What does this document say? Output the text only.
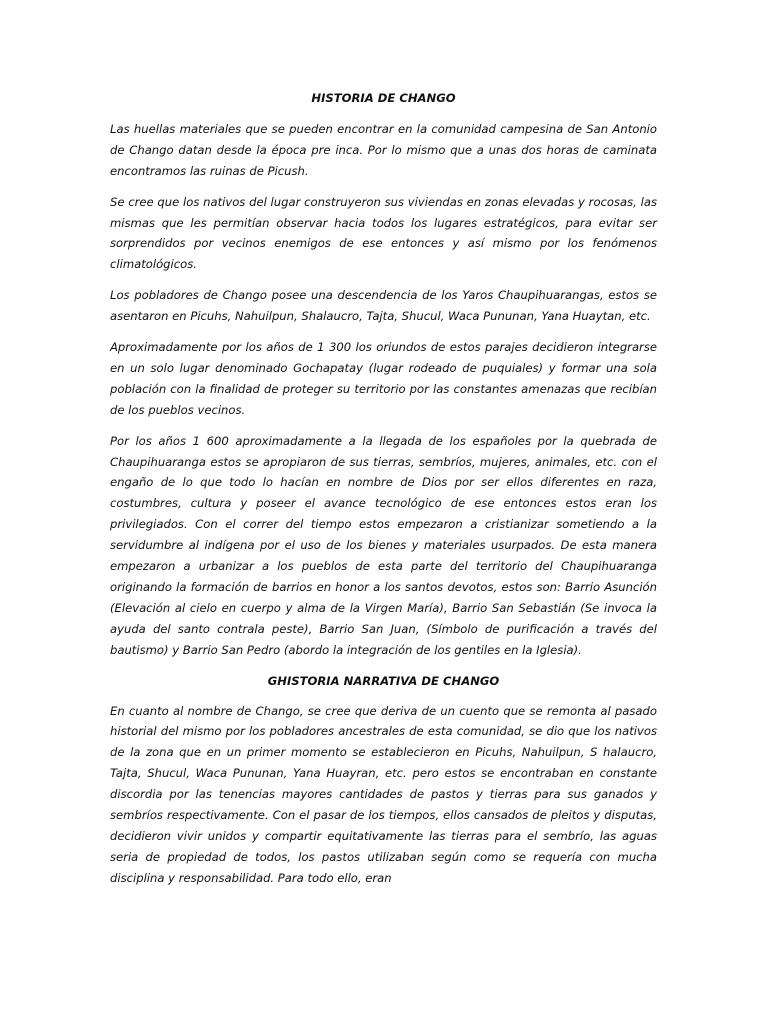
HISTORIA DE CHANGO

Las huellas materiales que se pueden encontrar en la comunidad campesina de San Antonio de Chango datan desde la época pre inca. Por lo mismo que a unas dos horas de caminata encontramos las ruinas de Picush.

Se cree que los nativos del lugar construyeron sus viviendas en zonas elevadas y rocosas, las mismas que les permitían observar hacia todos los lugares estratégicos, para evitar ser sorprendidos por vecinos enemigos de ese entonces y así mismo por los fenómenos climatológicos.

Los pobladores de Chango posee una descendencia de los Yaros Chaupihuarangas, estos se asentaron en Picuhs, Nahuilpun, Shalaucro, Tajta, Shucul, Waca Pununan, Yana Huaytan, etc.

Aproximadamente por los años de 1 300 los oriundos de estos parajes decidieron integrarse en un solo lugar denominado Gochapatay (lugar rodeado de puquiales) y formar una sola población con la finalidad de proteger su territorio por las constantes amenazas que recibían de los pueblos vecinos.

Por los años 1 600 aproximadamente a la llegada de los españoles por la quebrada de Chaupihuaranga estos se apropiaron de sus tierras, sembríos, mujeres, animales, etc. con el engaño de lo que todo lo hacían en nombre de Dios por ser ellos diferentes en raza, costumbres, cultura y poseer el avance tecnológico de ese entonces estos eran los privilegiados. Con el correr del tiempo estos empezaron a cristianizar sometiendo a la servidumbre al indígena por el uso de los bienes y materiales usurpados. De esta manera empezaron a urbanizar a los pueblos de esta parte del territorio del Chaupihuaranga originando la formación de barrios en honor a los santos devotos, estos son: Barrio Asunción (Elevación al cielo en cuerpo y alma de la Virgen María), Barrio San Sebastián (Se invoca la ayuda del santo contrala peste), Barrio San Juan, (Símbolo de purificación a través del bautismo) y Barrio San Pedro (abordo la integración de los gentiles en la Iglesia).

GHISTORIA NARRATIVA DE CHANGO

En cuanto al nombre de Chango, se cree que deriva de un cuento que se remonta al pasado historial del mismo por los pobladores ancestrales de esta comunidad, se dio que los nativos de la zona que en un primer momento se establecieron en Picuhs, Nahuilpun, S halaucro, Tajta, Shucul, Waca Pununan, Yana Huayran, etc. pero estos se encontraban en constante discordia por las tenencias mayores cantidades de pastos y tierras para sus ganados y sembríos respectivamente. Con el pasar de los tiempos, ellos cansados de pleitos y disputas, decidieron vivir unidos y compartir equitativamente las tierras para el sembrío, las aguas seria de propiedad de todos, los pastos utilizaban según como se requería con mucha disciplina y responsabilidad. Para todo ello, eran
